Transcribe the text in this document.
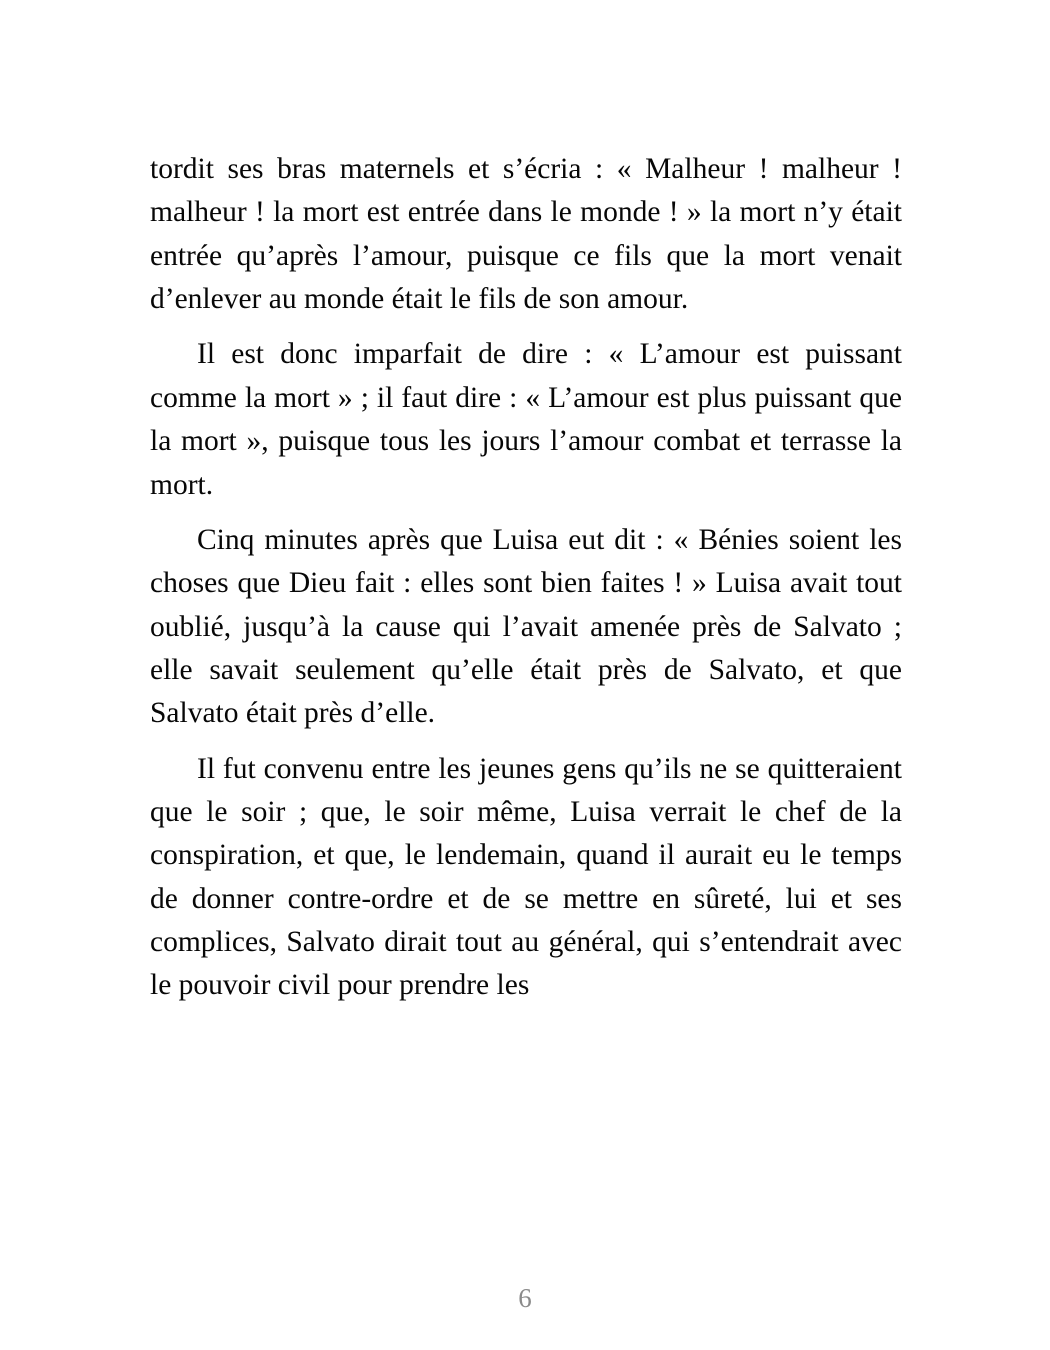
tordit ses bras maternels et s’écria : « Malheur ! malheur ! malheur ! la mort est entrée dans le monde ! » la mort n’y était entrée qu’après l’amour, puisque ce fils que la mort venait d’enlever au monde était le fils de son amour.

Il est donc imparfait de dire : « L’amour est puissant comme la mort » ; il faut dire : « L’amour est plus puissant que la mort », puisque tous les jours l’amour combat et terrasse la mort.

Cinq minutes après que Luisa eut dit : « Bénies soient les choses que Dieu fait : elles sont bien faites ! » Luisa avait tout oublié, jusqu’à la cause qui l’avait amenée près de Salvato ; elle savait seulement qu’elle était près de Salvato, et que Salvato était près d’elle.

Il fut convenu entre les jeunes gens qu’ils ne se quitteraient que le soir ; que, le soir même, Luisa verrait le chef de la conspiration, et que, le lendemain, quand il aurait eu le temps de donner contre-ordre et de se mettre en sûreté, lui et ses complices, Salvato dirait tout au général, qui s’entendrait avec le pouvoir civil pour prendre les

6
